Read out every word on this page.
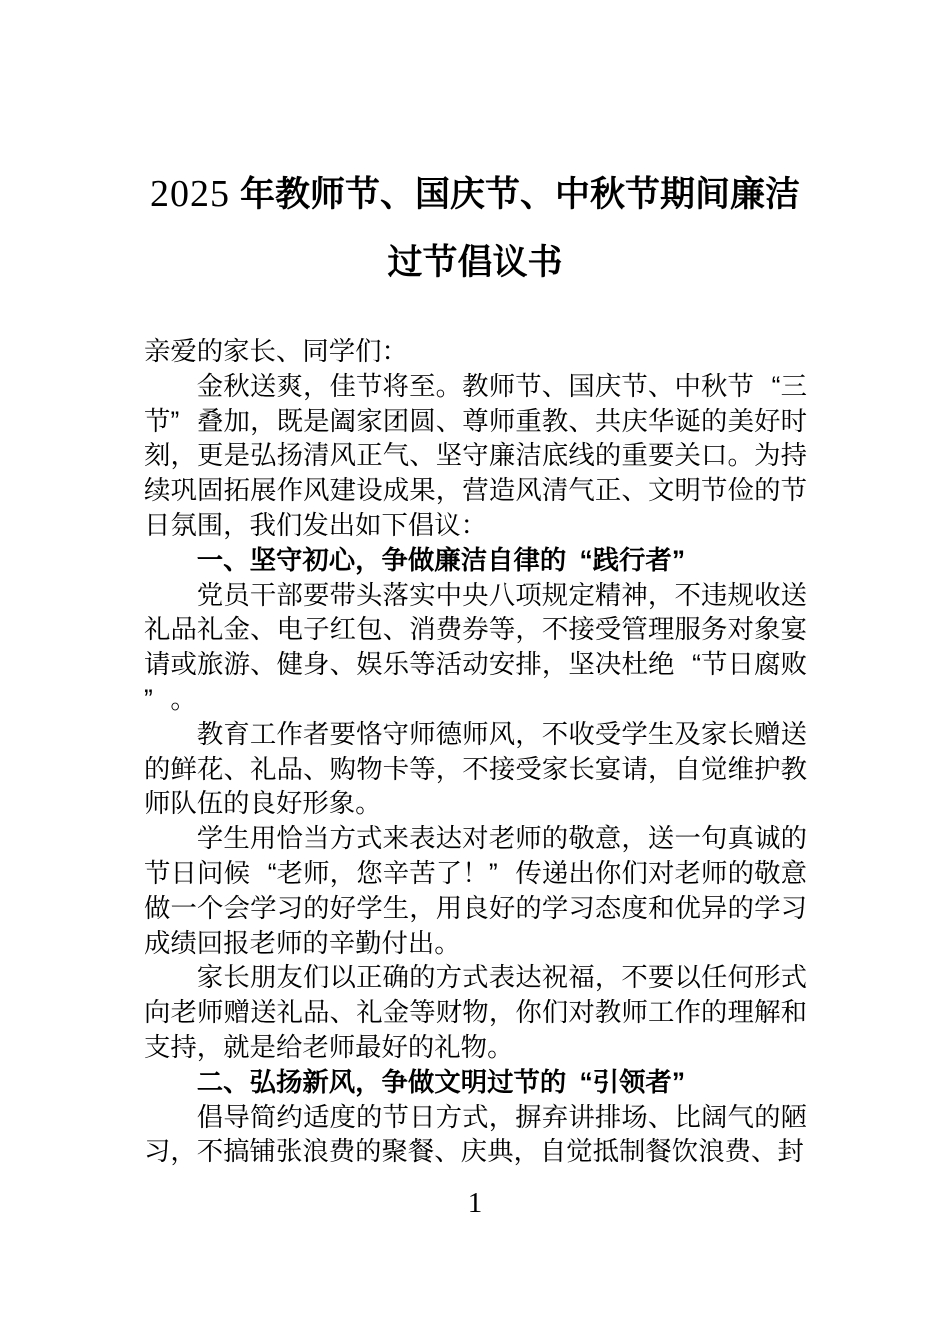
2025 年教师节、国庆节、中秋节期间廉洁
过节倡议书

亲爱的家长、同学们：

金秋送爽，佳节将至。教师节、国庆节、中秋节 “三节” 叠加，既是阖家团圆、尊师重教、共庆华诞的美好时刻，更是弘扬清风正气、坚守廉洁底线的重要关口。为持续巩固拓展作风建设成果，营造风清气正、文明节俭的节日氛围，我们发出如下倡议：

一、坚守初心，争做廉洁自律的 “践行者”

党员干部要带头落实中央八项规定精神，不违规收送礼品礼金、电子红包、消费券等，不接受管理服务对象宴请或旅游、健身、娱乐等活动安排，坚决杜绝 “节日腐败” 。

教育工作者要恪守师德师风，不收受学生及家长赠送的鲜花、礼品、购物卡等，不接受家长宴请，自觉维护教师队伍的良好形象。

学生用恰当方式来表达对老师的敬意，送一句真诚的节日问候 “老师，您辛苦了！” 传递出你们对老师的敬意做一个会学习的好学生，用良好的学习态度和优异的学习成绩回报老师的辛勤付出。

家长朋友们以正确的方式表达祝福，不要以任何形式向老师赠送礼品、礼金等财物，你们对教师工作的理解和支持，就是给老师最好的礼物。

二、弘扬新风，争做文明过节的 “引领者”

倡导简约适度的节日方式，摒弃讲排场、比阔气的陋习，不搞铺张浪费的聚餐、庆典，自觉抵制餐饮浪费、封

1
